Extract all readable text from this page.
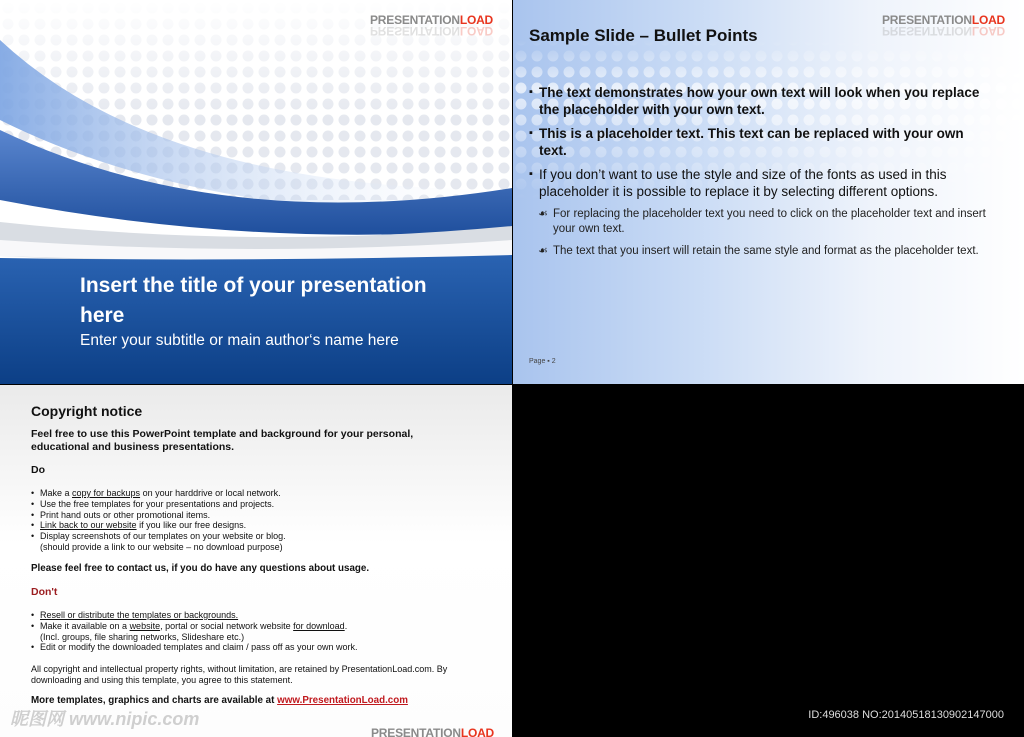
PRESENTATIONLOAD
PRESENTATIONLOAD
Insert the title of your presentation here
Enter your subtitle or main author‘s name here
PRESENTATIONLOAD
PRESENTATIONLOAD
Sample Slide – Bullet Points
▪ The text demonstrates how your own text will look when you replace the placeholder with your own text.
▪ This is a placeholder text. This text can be replaced with your own text.
▪ If you don’t want to use the style and size of the fonts as used in this placeholder it is possible to replace it by selecting different options.
☙ For replacing the placeholder text you need to click on the placeholder text and insert your own text.
☙ The text that you insert will retain the same style and format as the placeholder text.
Page ▪ 2
Copyright notice
Feel free to use this PowerPoint template and background for your personal, educational and business presentations.
Do
• Make a copy for backups on your harddrive or local network.
• Use the free templates for your presentations and projects.
• Print hand outs or other promotional items.
• Link back to our website if you like our free designs.
• Display screenshots of our templates on your website or blog.
(should provide a link to our website – no download purpose)
Please feel free to contact us, if you do have any questions about usage.
Don't
• Resell or distribute the templates or backgrounds.
• Make it available on a website, portal or social network website for download.
(Incl. groups, file sharing networks, Slideshare etc.)
• Edit or modify the downloaded templates and claim / pass off as your own work.
All copyright and intellectual property rights, without limitation, are retained by PresentationLoad.com. By downloading and using this template, you agree to this statement.
More templates, graphics and charts are available at www.PresentationLoad.com
昵图网 www.nipic.com
PRESENTATIONLOAD
ID:496038 NO:20140518130902147000
